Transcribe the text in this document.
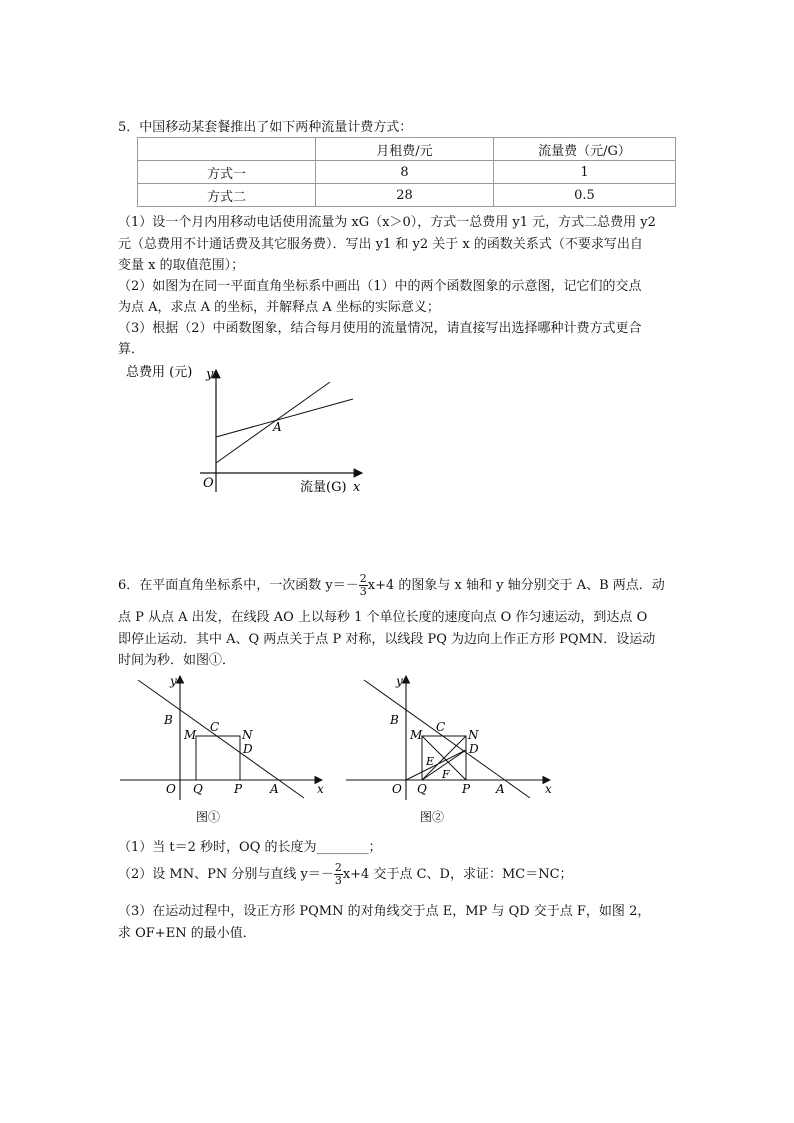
5．中国移动某套餐推出了如下两种流量计费方式：
	月租费/元	流量费（元/G）
方式一	8	1
方式二	28	0.5
（1）设一个月内用移动电话使用流量为 xG（x＞0），方式一总费用 y1 元，方式二总费用 y2
元（总费用不计通话费及其它服务费）．写出 y1 和 y2 关于 x 的函数关系式（不要求写出自
变量 x 的取值范围）；
（2）如图为在同一平面直角坐标系中画出（1）中的两个函数图象的示意图，记它们的交点
为点 A，求点 A 的坐标，并解释点 A 坐标的实际意义；
（3）根据（2）中函数图象，结合每月使用的流量情况，请直接写出选择哪种计费方式更合
算．
总费用 (元) y
流量(G) x
O
A
6．在平面直角坐标系中，一次函数 $y=- \frac{2}{3} x+4$ 的图象与 x 轴和 y 轴分别交于 A、B 两点．动
点 P 从点 A 出发，在线段 AO 上以每秒 1 个单位长度的速度向点 O 作匀速运动，到达点 O
即停止运动．其中 A、Q 两点关于点 P 对称，以线段 PQ 为边向上作正方形 PQMN．设运动
时间为秒．如图①．
y
x
B	C
M	N
D
O Q	P A
图①
y
x
B	C
M	N
D
E
F
O Q	P A
图②
（1）当 t＝2 秒时，OQ 的长度为________；
（2）设 MN、PN 分别与直线 $y=- \frac{2}{3} x+4$ 交于点 C、D，求证：MC＝NC；
（3）在运动过程中，设正方形 PQMN 的对角线交于点 E，MP 与 QD 交于点 F，如图 2，
求 OF+EN 的最小值．
